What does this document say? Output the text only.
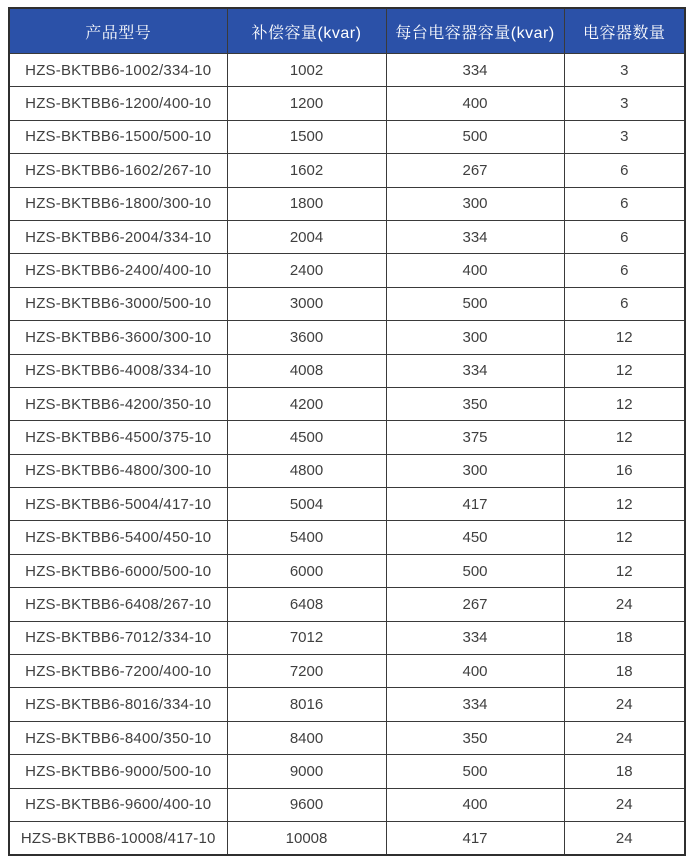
产品型号	补偿容量(kvar)	每台电容器容量(kvar)	电容器数量
HZS-BKTBB6-1002/334-10	1002	334	3
HZS-BKTBB6-1200/400-10	1200	400	3
HZS-BKTBB6-1500/500-10	1500	500	3
HZS-BKTBB6-1602/267-10	1602	267	6
HZS-BKTBB6-1800/300-10	1800	300	6
HZS-BKTBB6-2004/334-10	2004	334	6
HZS-BKTBB6-2400/400-10	2400	400	6
HZS-BKTBB6-3000/500-10	3000	500	6
HZS-BKTBB6-3600/300-10	3600	300	12
HZS-BKTBB6-4008/334-10	4008	334	12
HZS-BKTBB6-4200/350-10	4200	350	12
HZS-BKTBB6-4500/375-10	4500	375	12
HZS-BKTBB6-4800/300-10	4800	300	16
HZS-BKTBB6-5004/417-10	5004	417	12
HZS-BKTBB6-5400/450-10	5400	450	12
HZS-BKTBB6-6000/500-10	6000	500	12
HZS-BKTBB6-6408/267-10	6408	267	24
HZS-BKTBB6-7012/334-10	7012	334	18
HZS-BKTBB6-7200/400-10	7200	400	18
HZS-BKTBB6-8016/334-10	8016	334	24
HZS-BKTBB6-8400/350-10	8400	350	24
HZS-BKTBB6-9000/500-10	9000	500	18
HZS-BKTBB6-9600/400-10	9600	400	24
HZS-BKTBB6-10008/417-10	10008	417	24
